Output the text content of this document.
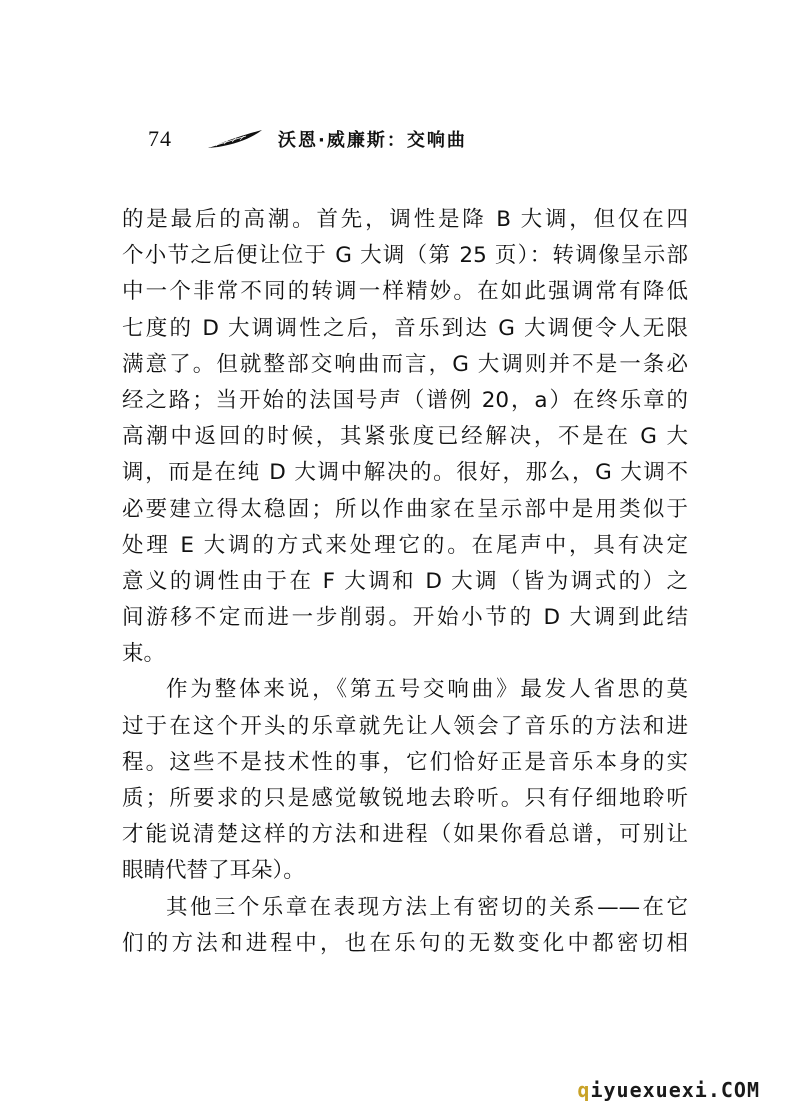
74	沃恩·威廉斯：交响曲
的是最后的高潮。首先，调性是降 B 大调，但仅在四
个小节之后便让位于 G 大调（第 25 页）：转调像呈示部
中一个非常不同的转调一样精妙。在如此强调常有降低
七度的 D 大调调性之后，音乐到达 G 大调便令人无限
满意了。但就整部交响曲而言，G 大调则并不是一条必
经之路；当开始的法国号声（谱例 20，a）在终乐章的
高潮中返回的时候，其紧张度已经解决，不是在 G 大
调，而是在纯 D 大调中解决的。很好，那么，G 大调不
必要建立得太稳固；所以作曲家在呈示部中是用类似于
处理 E 大调的方式来处理它的。在尾声中，具有决定
意义的调性由于在 F 大调和 D 大调（皆为调式的）之
间游移不定而进一步削弱。开始小节的 D 大调到此结
束。
作为整体来说，《第五号交响曲》最发人省思的莫
过于在这个开头的乐章就先让人领会了音乐的方法和进
程。这些不是技术性的事，它们恰好正是音乐本身的实
质；所要求的只是感觉敏锐地去聆听。只有仔细地聆听
才能说清楚这样的方法和进程（如果你看总谱，可别让
眼睛代替了耳朵）。
其他三个乐章在表现方法上有密切的关系——在它
们的方法和进程中，也在乐句的无数变化中都密切相
qiyuexuexi.COM
